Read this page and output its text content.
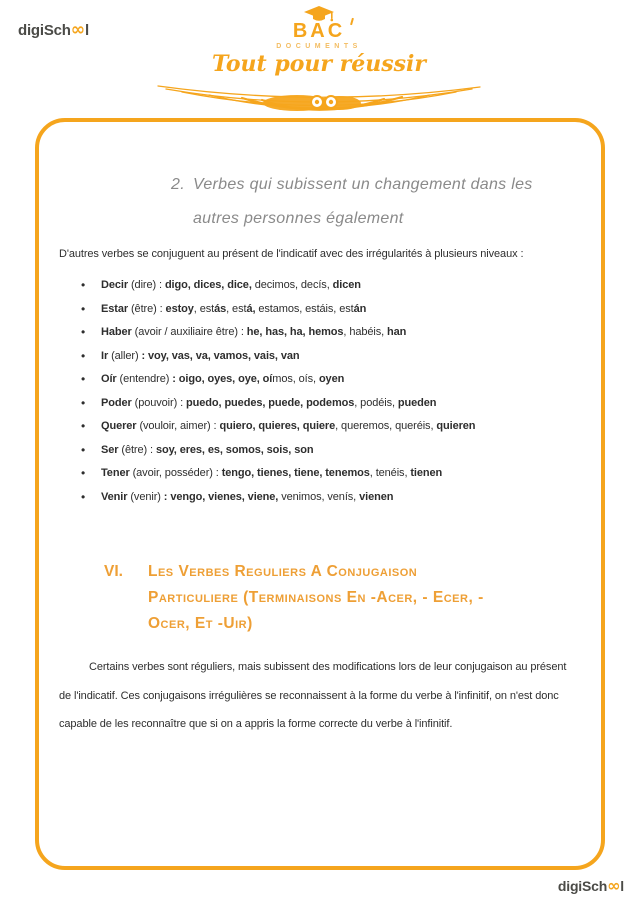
digiSch∞l	BAC
DOCUMENTS
Tout pour réussir
2. Verbes qui subissent un changement dans les
autres personnes également
D'autres verbes se conjuguent au présent de l'indicatif avec des irrégularités à plusieurs niveaux :
• Decir (dire) : digo, dices, dice, decimos, decís, dicen
• Estar (être) : estoy, estás, está, estamos, estáis, están
• Haber (avoir / auxiliaire être) : he, has, ha, hemos, habéis, han
• Ir (aller) : voy, vas, va, vamos, vais, van
• Oír (entendre) : oigo, oyes, oye, oímos, oís, oyen
• Poder (pouvoir) : puedo, puedes, puede, podemos, podéis, pueden
• Querer (vouloir, aimer) : quiero, quieres, quiere, queremos, queréis, quieren
• Ser (être) : soy, eres, es, somos, sois, son
• Tener (avoir, posséder) : tengo, tienes, tiene, tenemos, tenéis, tienen
• Venir (venir) : vengo, vienes, viene, venimos, venís, vienen
VI.	Les Verbes Reguliers A Conjugaison
Particuliere (Terminaisons En -Acer, - Ecer, -
Ocer, Et -Uir)
Certains verbes sont réguliers, mais subissent des modifications lors de leur conjugaison au présent de l'indicatif. Ces conjugaisons irrégulières se reconnaissent à la forme du verbe à l'infinitif, on n'est donc capable de les reconnaître que si on a appris la forme correcte du verbe à l'infinitif.
digiSch∞l
